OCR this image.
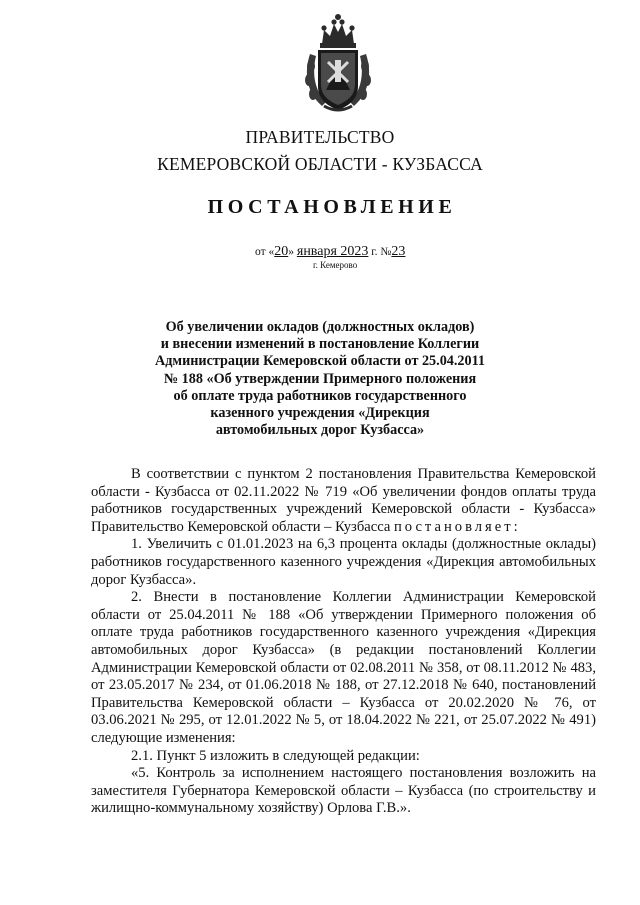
ПРАВИТЕЛЬСТВО
КЕМЕРОВСКОЙ ОБЛАСТИ - КУЗБАССА
ПОСТАНОВЛЕНИЕ
от «20» января 2023 г. №23
г. Кемерово
Об увеличении окладов (должностных окладов)
и внесении изменений в постановление Коллегии
Администрации Кемеровской области от 25.04.2011
№ 188 «Об утверждении Примерного положения
об оплате труда работников государственного
казенного учреждения «Дирекция
автомобильных дорог Кузбасса»

В соответствии с пунктом 2 постановления Правительства Кемеровской области - Кузбасса от 02.11.2022 № 719 «Об увеличении фондов оплаты труда работников государственных учреждений Кемеровской области - Кузбасса» Правительство Кемеровской области – Кузбасса постановляет:

1. Увеличить с 01.01.2023 на 6,3 процента оклады (должностные оклады) работников государственного казенного учреждения «Дирекция автомобильных дорог Кузбасса».

2. Внести в постановление Коллегии Администрации Кемеровской области от 25.04.2011 № 188 «Об утверждении Примерного положения об оплате труда работников государственного казенного учреждения «Дирекция автомобильных дорог Кузбасса» (в редакции постановлений Коллегии Администрации Кемеровской области от 02.08.2011 № 358, от 08.11.2012 № 483, от 23.05.2017 № 234, от 01.06.2018 № 188, от 27.12.2018 № 640, постановлений Правительства Кемеровской области – Кузбасса от 20.02.2020 № 76, от 03.06.2021 № 295, от 12.01.2022 № 5, от 18.04.2022 № 221, от 25.07.2022 № 491) следующие изменения:

2.1. Пункт 5 изложить в следующей редакции:

«5. Контроль за исполнением настоящего постановления возложить на заместителя Губернатора Кемеровской области – Кузбасса (по строительству и жилищно-коммунальному хозяйству) Орлова Г.В.».
